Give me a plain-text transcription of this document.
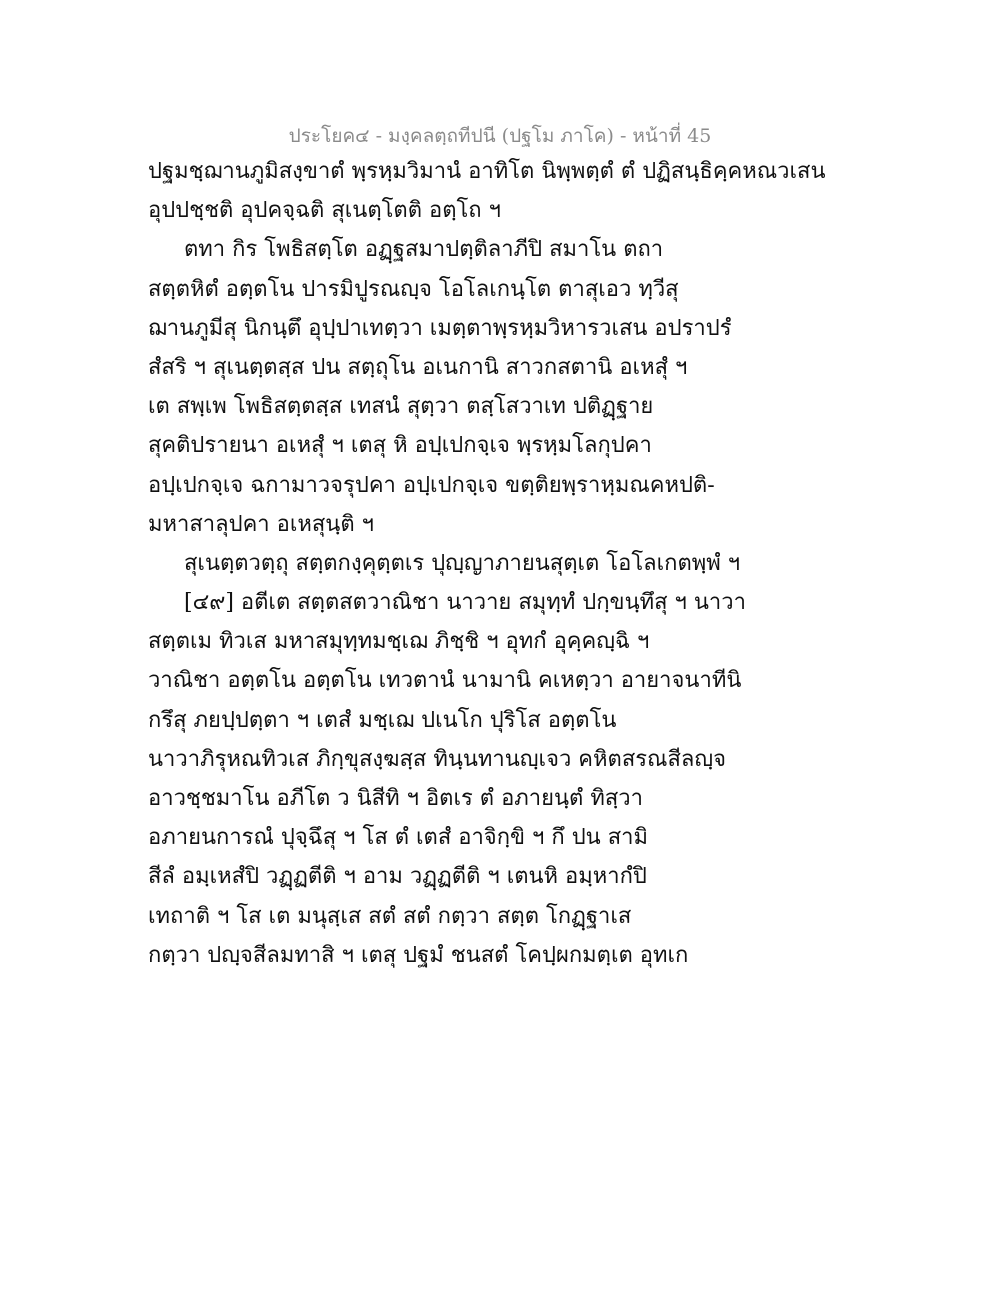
ประโยค๔ - มงฺคลตฺถทีปนี (ปฐโม ภาโค) - หน้าที่ 45
ปฐมชฺฌานภูมิสงฺขาตํ พฺรหฺมวิมานํ อาทิโต นิพฺพตฺตํ ตํ ปฏิสนฺธิคฺคหณวเสน
อุปปชฺชติ อุปคจฺฉติ สุเนตฺโตติ อตฺโถ ฯ
ตทา กิร โพธิสตฺโต อฏฺฐสมาปตฺติลาภีปิ สมาโน ตถา
สตฺตหิตํ อตฺตโน ปารมิปูรณญฺจ โอโลเกนฺโต ตาสุเอว ทฺวีสุ
ฌานภูมีสุ นิกนฺตึ อุปฺปาเทตฺวา เมตฺตาพฺรหฺมวิหารวเสน อปราปรํ
สํสริ ฯ สุเนตฺตสฺส ปน สตฺถุโน อเนกานิ สาวกสตานิ อเหสุํ ฯ
เต สพฺเพ โพธิสตฺตสฺส เทสนํ สุตฺวา ตสฺโสวาเท ปติฏฺฐาย
สุคติปรายนา อเหสุํ ฯ เตสุ หิ อปฺเปกจฺเจ พฺรหฺมโลกุปคา
อปฺเปกจฺเจ ฉกามาวจรุปคา อปฺเปกจฺเจ ขตฺติยพฺราหฺมณคหปติ-
มหาสาลุปคา อเหสุนฺติ ฯ
สุเนตฺตวตฺถุ สตฺตกงฺคุตฺตเร ปุญฺญาภายนสุตฺเต โอโลเกตพฺพํ ฯ
[๔๙] อตีเต สตฺตสตวาณิชา นาวาย สมุทฺทํ ปกฺขนฺทึสุ ฯ นาวา
สตฺตเม ทิวเส มหาสมุทฺทมชฺเฌ ภิชฺชิ ฯ อุทกํ อุคฺคญฺฉิ ฯ
วาณิชา อตฺตโน อตฺตโน เทวตานํ นามานิ คเหตฺวา อายาจนาทีนิ
กรึสุ ภยปฺปตฺตา ฯ เตสํ มชฺเฌ ปเนโก ปุริโส อตฺตโน
นาวาภิรุหณทิวเส ภิกฺขุสงฺฆสฺส ทินฺนทานญฺเจว คหิตสรณสีลญฺจ
อาวชฺชมาโน อภีโต ว นิสีทิ ฯ อิตเร ตํ อภายนฺตํ ทิสฺวา
อภายนการณํ ปุจฺฉึสุ ฯ โส ตํ เตสํ อาจิกฺขิ ฯ กึ ปน สามิ
สีลํ อมฺเหสํปิ วฏฺฏตีติ ฯ อาม วฏฺฏตีติ ฯ เตนหิ อมฺหากํปิ
เทถาติ ฯ โส เต มนุสฺเส สตํ สตํ กตฺวา สตฺต โกฏฺฐาเส
กตฺวา ปญฺจสีลมทาสิ ฯ เตสุ ปฐมํ ชนสตํ โคปฺผกมตฺเต อุทเก
